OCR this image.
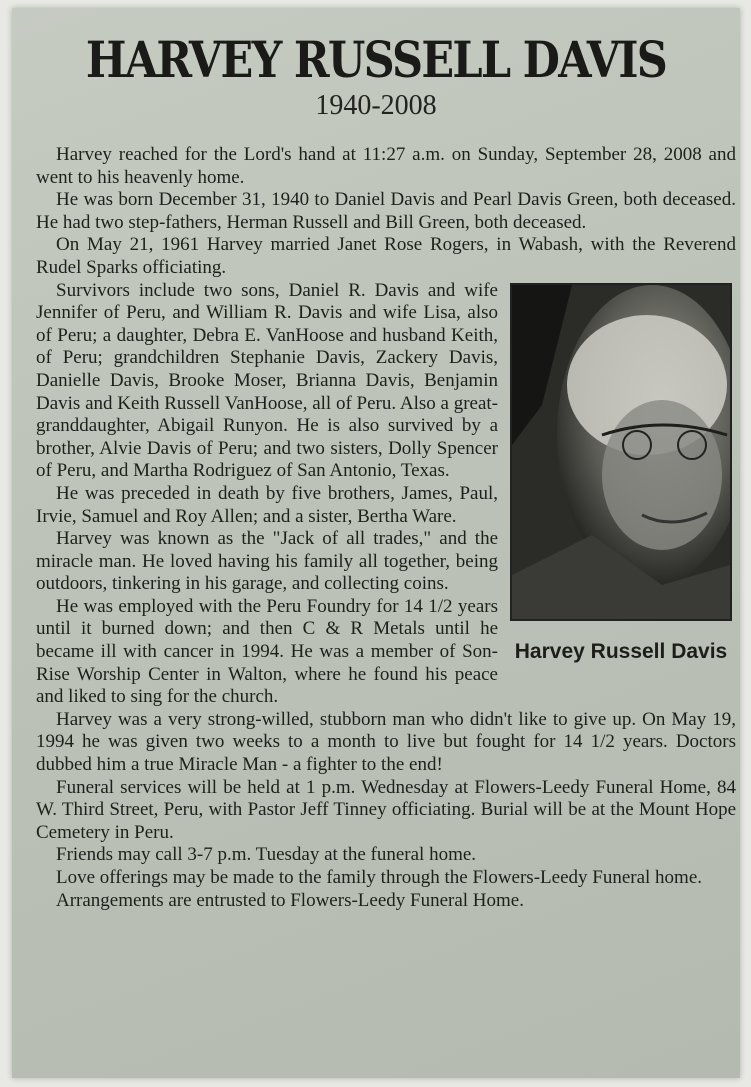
HARVEY RUSSELL DAVIS
1940-2008

Harvey reached for the Lord's hand at 11:27 a.m. on Sunday, September 28, 2008 and went to his heavenly home.

He was born December 31, 1940 to Daniel Davis and Pearl Davis Green, both deceased. He had two step-fathers, Herman Russell and Bill Green, both deceased.

On May 21, 1961 Harvey married Janet Rose Rogers, in Wabash, with the Reverend Rudel Sparks officiating.

Harvey Russell Davis

Survivors include two sons, Daniel R. Davis and wife Jennifer of Peru, and William R. Davis and wife Lisa, also of Peru; a daughter, Debra E. VanHoose and husband Keith, of Peru; grandchildren Stephanie Davis, Zackery Davis, Danielle Davis, Brooke Moser, Brianna Davis, Benjamin Davis and Keith Russell VanHoose, all of Peru. Also a great-granddaughter, Abigail Runyon. He is also survived by a brother, Alvie Davis of Peru; and two sisters, Dolly Spencer of Peru, and Martha Rodriguez of San Antonio, Texas.

He was preceded in death by five brothers, James, Paul, Irvie, Samuel and Roy Allen; and a sister, Bertha Ware.

Harvey was known as the "Jack of all trades," and the miracle man. He loved having his family all together, being outdoors, tinkering in his garage, and collecting coins.

He was employed with the Peru Foundry for 14 1/2 years until it burned down; and then C & R Metals until he became ill with cancer in 1994. He was a member of Son-Rise Worship Center in Walton, where he found his peace and liked to sing for the church.

Harvey was a very strong-willed, stubborn man who didn't like to give up. On May 19, 1994 he was given two weeks to a month to live but fought for 14 1/2 years. Doctors dubbed him a true Miracle Man - a fighter to the end!

Funeral services will be held at 1 p.m. Wednesday at Flowers-Leedy Funeral Home, 84 W. Third Street, Peru, with Pastor Jeff Tinney officiating. Burial will be at the Mount Hope Cemetery in Peru.

Friends may call 3-7 p.m. Tuesday at the funeral home.

Love offerings may be made to the family through the Flowers-Leedy Funeral home.

Arrangements are entrusted to Flowers-Leedy Funeral Home.
